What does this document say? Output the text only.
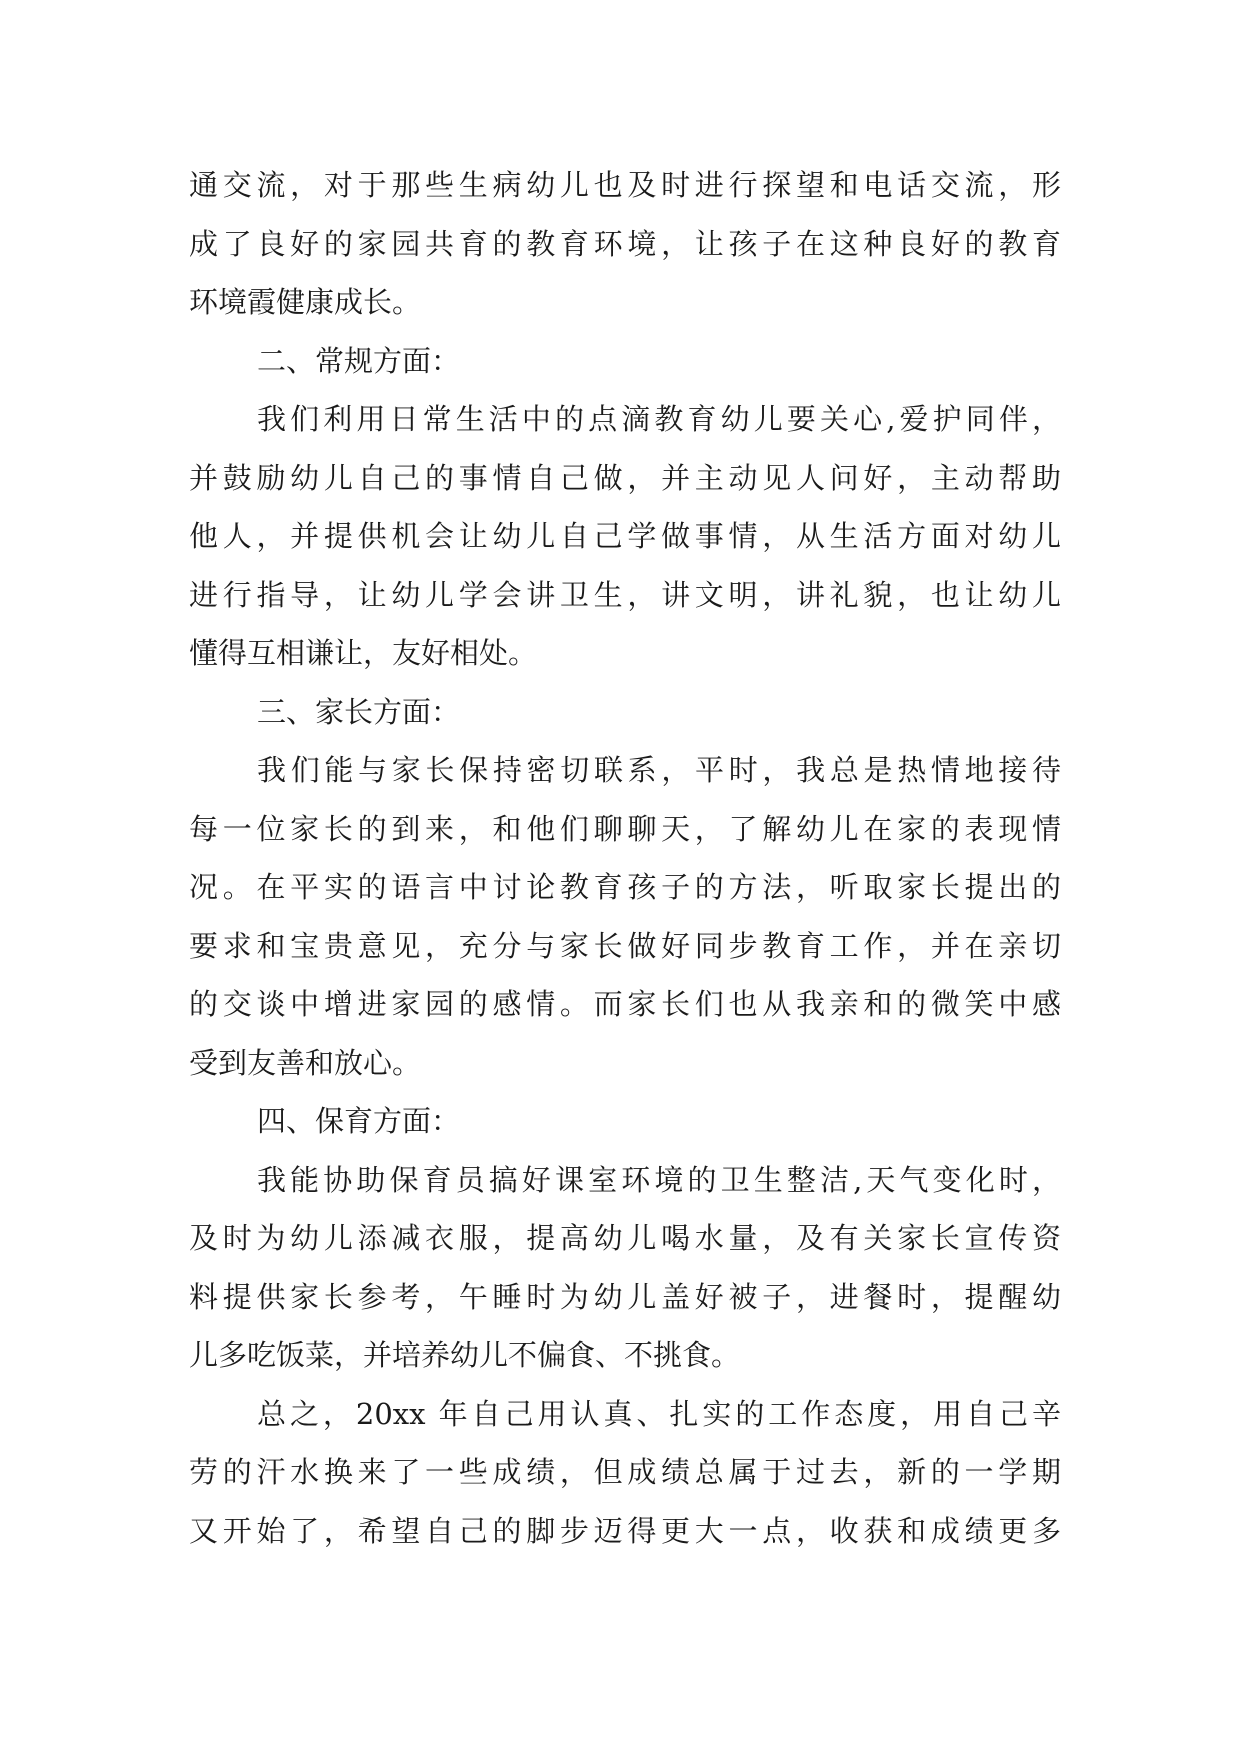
通交流，对于那些生病幼儿也及时进行探望和电话交流，形
成了良好的家园共育的教育环境，让孩子在这种良好的教育
环境霞健康成长。
二、常规方面：
我们利用日常生活中的点滴教育幼儿要关心,爱护同伴，
并鼓励幼儿自己的事情自己做，并主动见人问好，主动帮助
他人，并提供机会让幼儿自己学做事情，从生活方面对幼儿
进行指导，让幼儿学会讲卫生，讲文明，讲礼貌，也让幼儿
懂得互相谦让，友好相处。
三、家长方面：
我们能与家长保持密切联系，平时，我总是热情地接待
每一位家长的到来，和他们聊聊天，了解幼儿在家的表现情
况。在平实的语言中讨论教育孩子的方法，听取家长提出的
要求和宝贵意见，充分与家长做好同步教育工作，并在亲切
的交谈中增进家园的感情。而家长们也从我亲和的微笑中感
受到友善和放心。
四、保育方面：
我能协助保育员搞好课室环境的卫生整洁,天气变化时，
及时为幼儿添减衣服，提高幼儿喝水量，及有关家长宣传资
料提供家长参考，午睡时为幼儿盖好被子，进餐时，提醒幼
儿多吃饭菜，并培养幼儿不偏食、不挑食。
总之，20xx 年自己用认真、扎实的工作态度，用自己辛
劳的汗水换来了一些成绩，但成绩总属于过去，新的一学期
又开始了，希望自己的脚步迈得更大一点，收获和成绩更多
